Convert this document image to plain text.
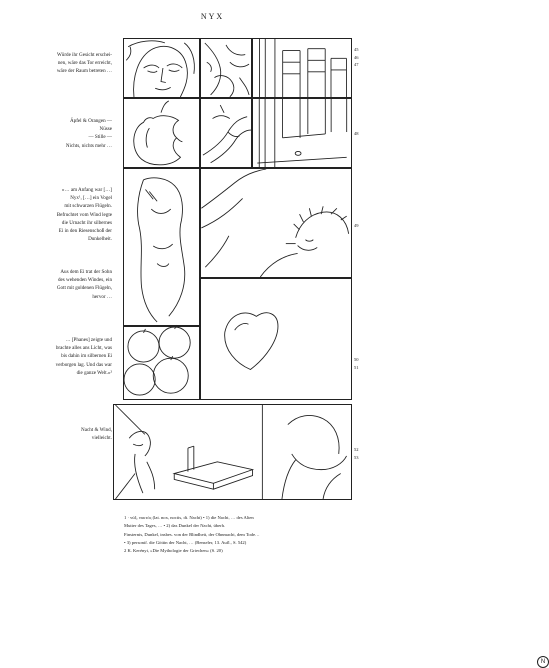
NYX
Würde ihr Gesicht erschei-
nen, wäre das Tor erreicht,
wäre der Raum betreten …
Äpfel & Orangen —
Nüsse
— Stille —
Nichts, nichts mehr …
»… am Anfang war […]
Nyx¹, […] ein Vogel
mit schwarzen Flügeln.
Befruchtet vom Wind legte
die Urnacht ihr silbernes
Ei in den Riesenschoß der
Dunkelheit.
Aus dem Ei trat der Sohn
des wehenden Windes, ein
Gott mit goldenen Flügeln,
hervor …
… [Phanes] zeigte und
brachte alles ans Licht, was
bis dahin im silbernen Ei
verborgen lag. Und das war
die ganze Welt.«²
Nacht & Wind,
vielleicht.
45
46
47
48
49
50
51
52
53
N
1 · νύξ, νυκτός (lat. nox, noctis, dt. Nacht) • 1) die Nacht, … des Alten
Mutter des Tages, … • 2) das Dunkel der Nacht, überh.
Finsternis, Dunkel, insbes. von der Blindheit, der Ohnmacht, dem Tode…
• 3) personif. die Göttin der Nacht, … (Benseler, 13. Aufl., S. 542)
2 K. Kerényi, »Die Mythologie der Griechen« (S. 20)
